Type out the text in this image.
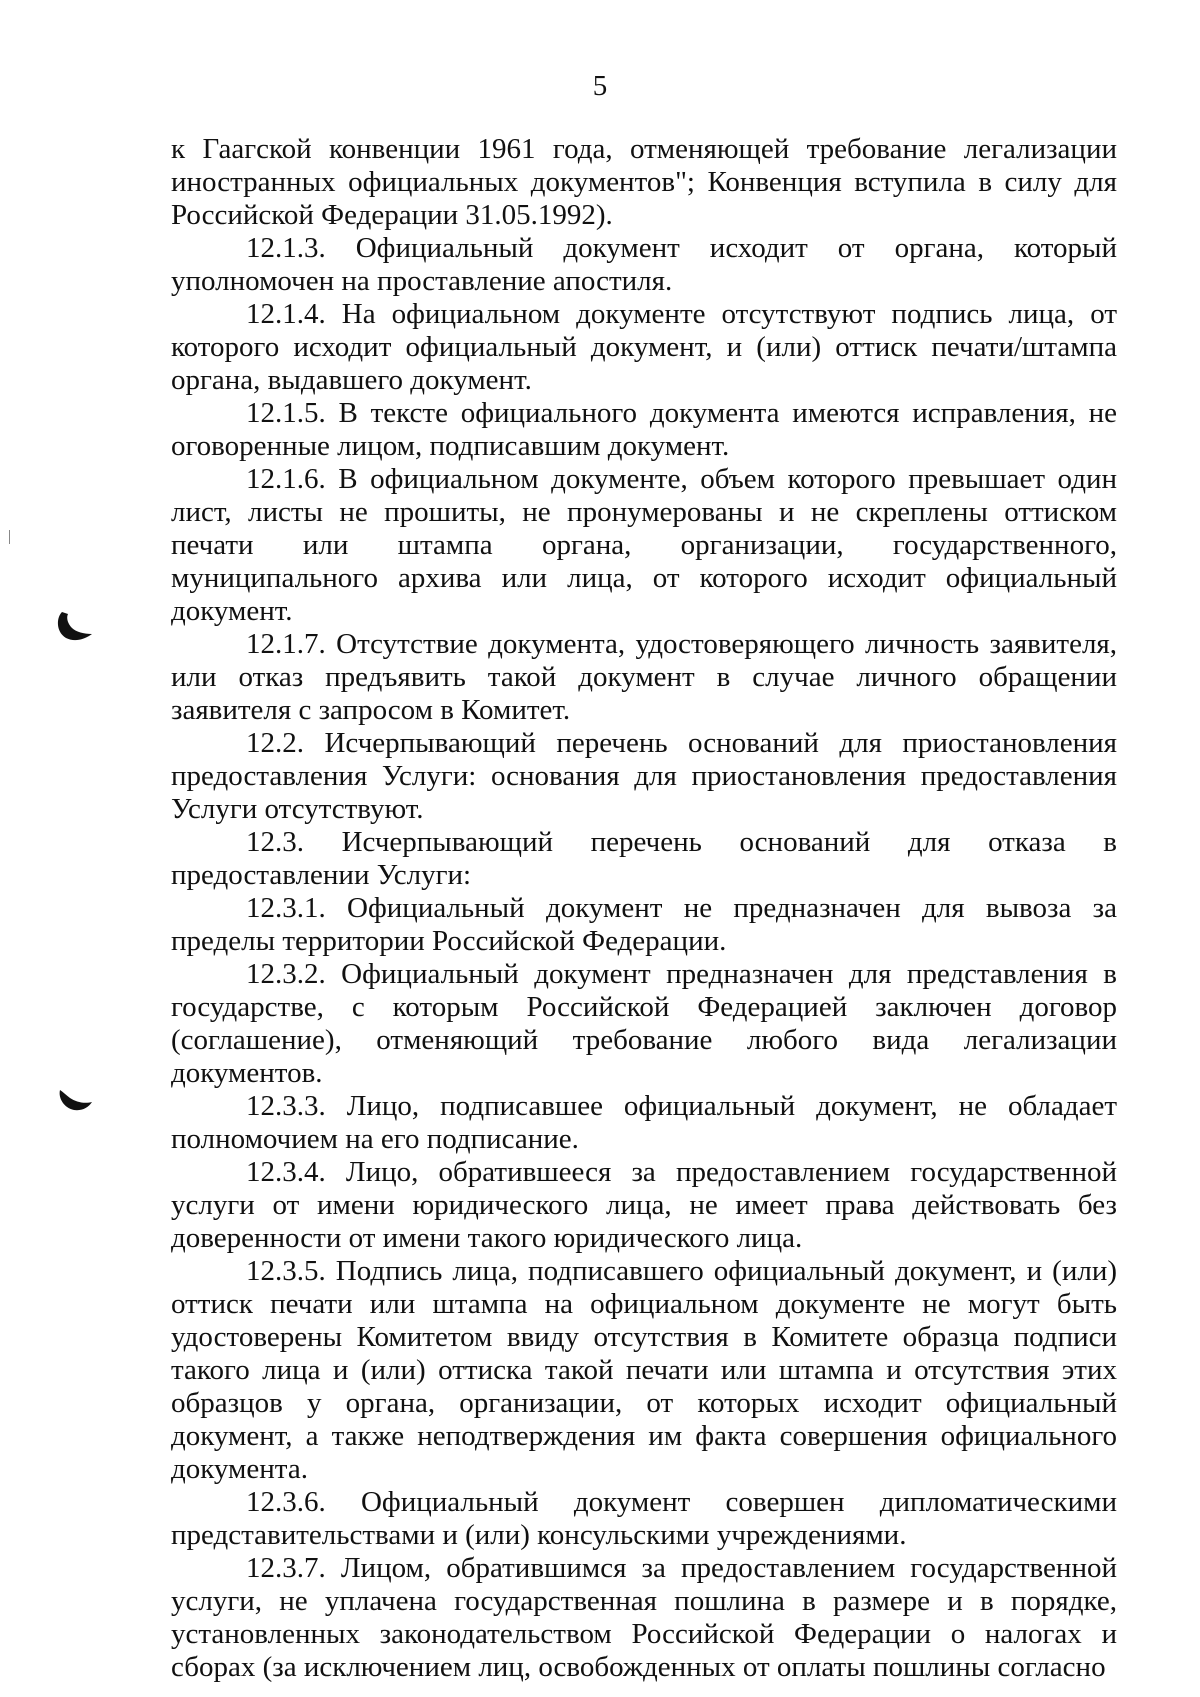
5

к Гаагской конвенции 1961 года, отменяющей требование легализации иностранных официальных документов"; Конвенция вступила в силу для Российской Федерации 31.05.1992).

12.1.3. Официальный документ исходит от органа, который уполномочен на проставление апостиля.

12.1.4. На официальном документе отсутствуют подпись лица, от которого исходит официальный документ, и (или) оттиск печати/штампа органа, выдавшего документ.

12.1.5. В тексте официального документа имеются исправления, не оговоренные лицом, подписавшим документ.

12.1.6. В официальном документе, объем которого превышает один лист, листы не прошиты, не пронумерованы и не скреплены оттиском печати или штампа органа, организации, государственного, муниципального архива или лица, от которого исходит официальный документ.

12.1.7. Отсутствие документа, удостоверяющего личность заявителя, или отказ предъявить такой документ в случае личного обращении заявителя с запросом в Комитет.

12.2. Исчерпывающий перечень оснований для приостановления предоставления Услуги: основания для приостановления предоставления Услуги отсутствуют.

12.3. Исчерпывающий перечень оснований для отказа в предоставлении Услуги:

12.3.1. Официальный документ не предназначен для вывоза за пределы территории Российской Федерации.

12.3.2. Официальный документ предназначен для представления в государстве, с которым Российской Федерацией заключен договор (соглашение), отменяющий требование любого вида легализации документов.

12.3.3. Лицо, подписавшее официальный документ, не обладает полномочием на его подписание.

12.3.4. Лицо, обратившееся за предоставлением государственной услуги от имени юридического лица, не имеет права действовать без доверенности от имени такого юридического лица.

12.3.5. Подпись лица, подписавшего официальный документ, и (или) оттиск печати или штампа на официальном документе не могут быть удостоверены Комитетом ввиду отсутствия в Комитете образца подписи такого лица и (или) оттиска такой печати или штампа и отсутствия этих образцов у органа, организации, от которых исходит официальный документ, а также неподтверждения им факта совершения официального документа.

12.3.6. Официальный документ совершен дипломатическими представительствами и (или) консульскими учреждениями.

12.3.7. Лицом, обратившимся за предоставлением государственной услуги, не уплачена государственная пошлина в размере и в порядке, установленных законодательством Российской Федерации о налогах и сборах (за исключением лиц, освобожденных от оплаты пошлины согласно
